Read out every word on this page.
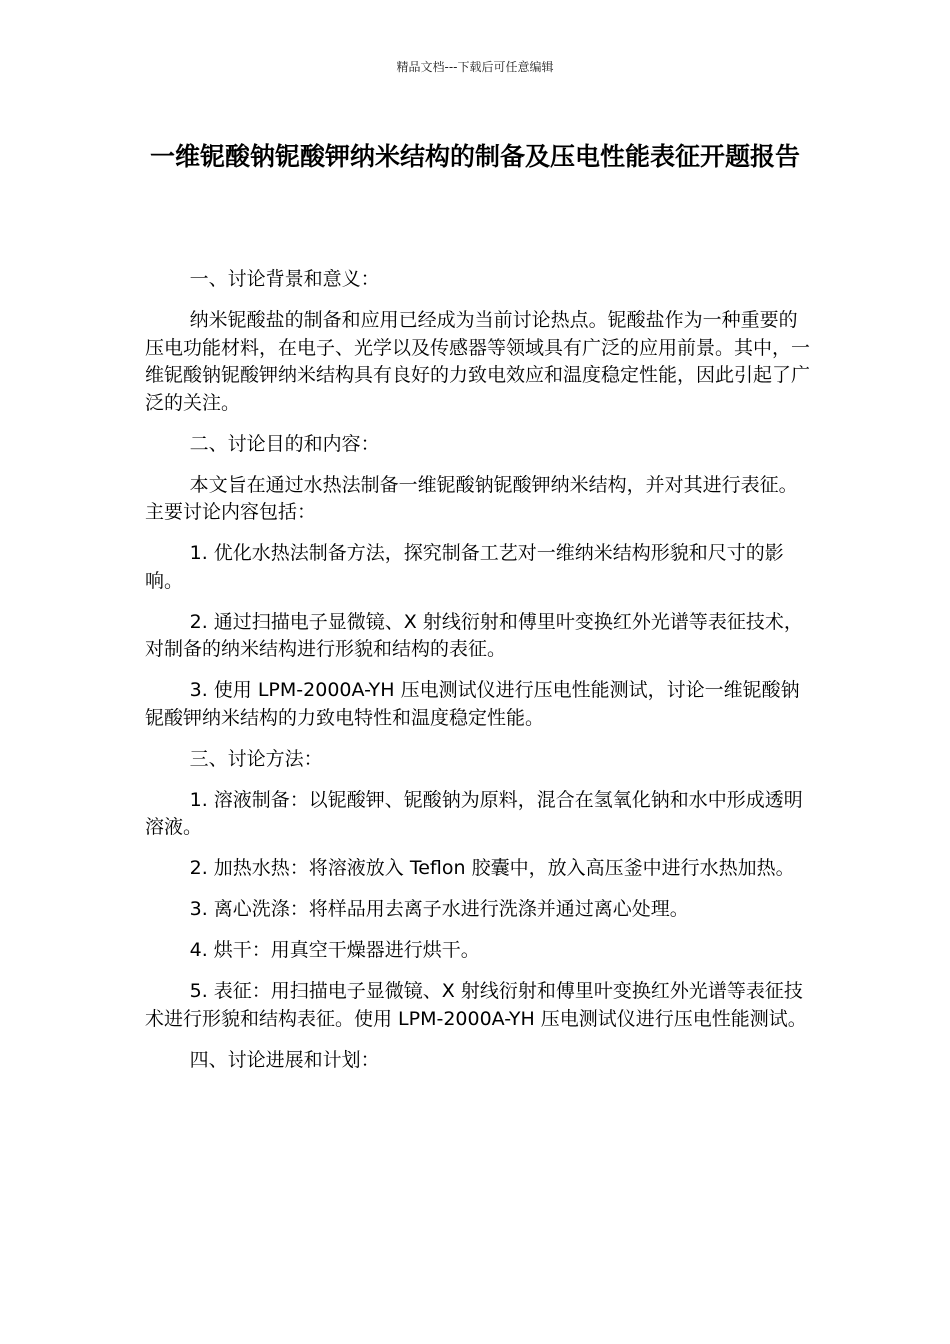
精品文档---下载后可任意编辑
一维铌酸钠铌酸钾纳米结构的制备及压电性能表征开题报告

一、讨论背景和意义：

纳米铌酸盐的制备和应用已经成为当前讨论热点。铌酸盐作为一种重要的压电功能材料，在电子、光学以及传感器等领域具有广泛的应用前景。其中，一维铌酸钠铌酸钾纳米结构具有良好的力致电效应和温度稳定性能，因此引起了广泛的关注。

二、讨论目的和内容：

本文旨在通过水热法制备一维铌酸钠铌酸钾纳米结构，并对其进行表征。主要讨论内容包括：

1. 优化水热法制备方法，探究制备工艺对一维纳米结构形貌和尺寸的影响。

2. 通过扫描电子显微镜、X 射线衍射和傅里叶变换红外光谱等表征技术，对制备的纳米结构进行形貌和结构的表征。

3. 使用 LPM-2000A-YH 压电测试仪进行压电性能测试，讨论一维铌酸钠铌酸钾纳米结构的力致电特性和温度稳定性能。

三、讨论方法：

1. 溶液制备：以铌酸钾、铌酸钠为原料，混合在氢氧化钠和水中形成透明溶液。

2. 加热水热：将溶液放入 Teflon 胶囊中，放入高压釜中进行水热加热。

3. 离心洗涤：将样品用去离子水进行洗涤并通过离心处理。

4. 烘干：用真空干燥器进行烘干。

5. 表征：用扫描电子显微镜、X 射线衍射和傅里叶变换红外光谱等表征技术进行形貌和结构表征。使用 LPM-2000A-YH 压电测试仪进行压电性能测试。

四、讨论进展和计划：
